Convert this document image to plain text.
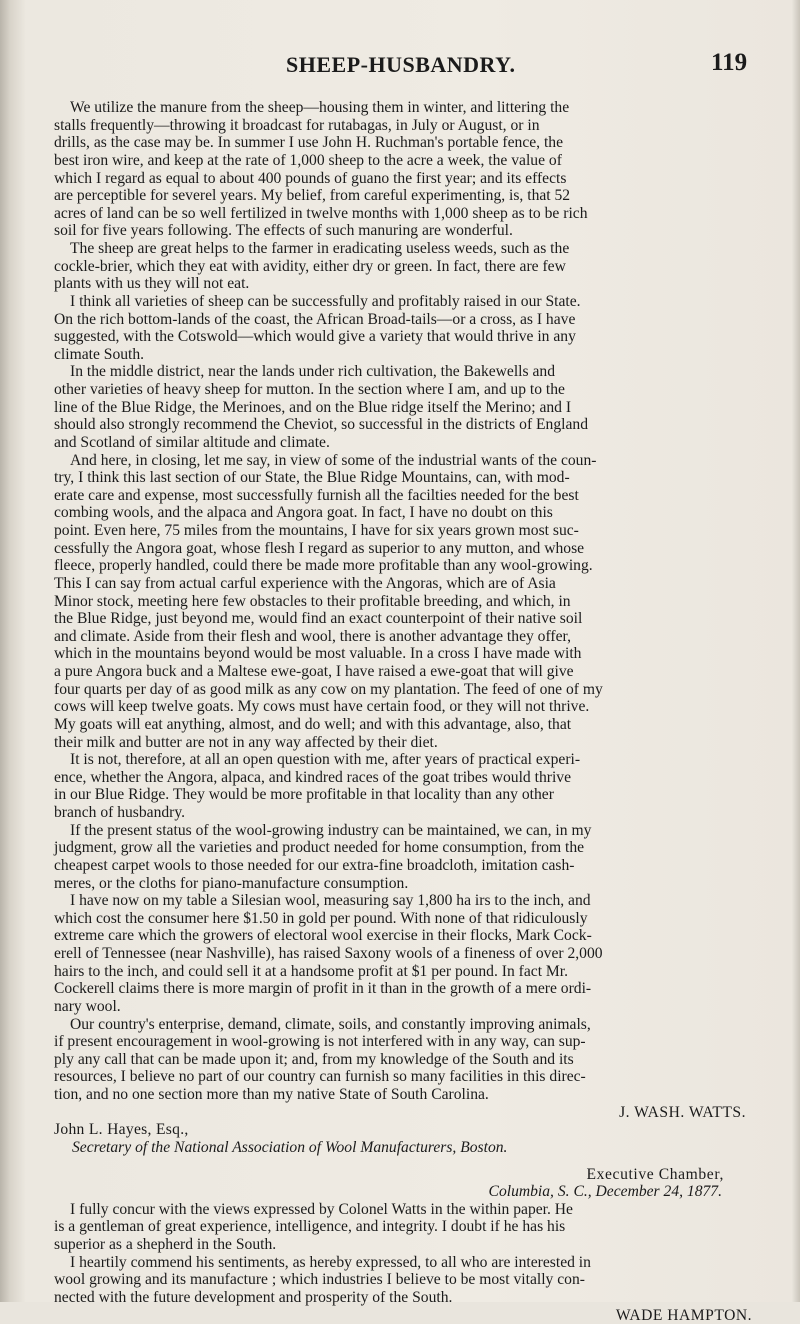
SHEEP-HUSBANDRY.	119
We utilize the manure from the sheep—housing them in winter, and littering the
stalls frequently—throwing it broadcast for rutabagas, in July or August, or in
drills, as the case may be. In summer I use John H. Ruchman's portable fence, the
best iron wire, and keep at the rate of 1,000 sheep to the acre a week, the value of
which I regard as equal to about 400 pounds of guano the first year; and its effects
are perceptible for severel years. My belief, from careful experimenting, is, that 52
acres of land can be so well fertilized in twelve months with 1,000 sheep as to be rich
soil for five years following. The effects of such manuring are wonderful.
The sheep are great helps to the farmer in eradicating useless weeds, such as the
cockle-brier, which they eat with avidity, either dry or green. In fact, there are few
plants with us they will not eat.
I think all varieties of sheep can be successfully and profitably raised in our State.
On the rich bottom-lands of the coast, the African Broad-tails—or a cross, as I have
suggested, with the Cotswold—which would give a variety that would thrive in any
climate South.
In the middle district, near the lands under rich cultivation, the Bakewells and
other varieties of heavy sheep for mutton. In the section where I am, and up to the
line of the Blue Ridge, the Merinoes, and on the Blue ridge itself the Merino; and I
should also strongly recommend the Cheviot, so successful in the districts of England
and Scotland of similar altitude and climate.
And here, in closing, let me say, in view of some of the industrial wants of the coun-
try, I think this last section of our State, the Blue Ridge Mountains, can, with mod-
erate care and expense, most successfully furnish all the facilties needed for the best
combing wools, and the alpaca and Angora goat. In fact, I have no doubt on this
point. Even here, 75 miles from the mountains, I have for six years grown most suc-
cessfully the Angora goat, whose flesh I regard as superior to any mutton, and whose
fleece, properly handled, could there be made more profitable than any wool-growing.
This I can say from actual carful experience with the Angoras, which are of Asia
Minor stock, meeting here few obstacles to their profitable breeding, and which, in
the Blue Ridge, just beyond me, would find an exact counterpoint of their native soil
and climate. Aside from their flesh and wool, there is another advantage they offer,
which in the mountains beyond would be most valuable. In a cross I have made with
a pure Angora buck and a Maltese ewe-goat, I have raised a ewe-goat that will give
four quarts per day of as good milk as any cow on my plantation. The feed of one of my
cows will keep twelve goats. My cows must have certain food, or they will not thrive.
My goats will eat anything, almost, and do well; and with this advantage, also, that
their milk and butter are not in any way affected by their diet.
It is not, therefore, at all an open question with me, after years of practical experi-
ence, whether the Angora, alpaca, and kindred races of the goat tribes would thrive
in our Blue Ridge. They would be more profitable in that locality than any other
branch of husbandry.
If the present status of the wool-growing industry can be maintained, we can, in my
judgment, grow all the varieties and product needed for home consumption, from the
cheapest carpet wools to those needed for our extra-fine broadcloth, imitation cash-
meres, or the cloths for piano-manufacture consumption.
I have now on my table a Silesian wool, measuring say 1,800 ha irs to the inch, and
which cost the consumer here $1.50 in gold per pound. With none of that ridiculously
extreme care which the growers of electoral wool exercise in their flocks, Mark Cock-
erell of Tennessee (near Nashville), has raised Saxony wools of a fineness of over 2,000
hairs to the inch, and could sell it at a handsome profit at $1 per pound. In fact Mr.
Cockerell claims there is more margin of profit in it than in the growth of a mere ordi-
nary wool.
Our country's enterprise, demand, climate, soils, and constantly improving animals,
if present encouragement in wool-growing is not interfered with in any way, can sup-
ply any call that can be made upon it; and, from my knowledge of the South and its
resources, I believe no part of our country can furnish so many facilities in this direc-
tion, and no one section more than my native State of South Carolina.
J. WASH. WATTS.
John L. Hayes, Esq.,
Secretary of the National Association of Wool Manufacturers, Boston.
Executive Chamber,
Columbia, S. C., December 24, 1877.
I fully concur with the views expressed by Colonel Watts in the within paper. He
is a gentleman of great experience, intelligence, and integrity. I doubt if he has his
superior as a shepherd in the South.
I heartily commend his sentiments, as hereby expressed, to all who are interested in
wool growing and its manufacture ; which industries I believe to be most vitally con-
nected with the future development and prosperity of the South.
WADE HAMPTON.
